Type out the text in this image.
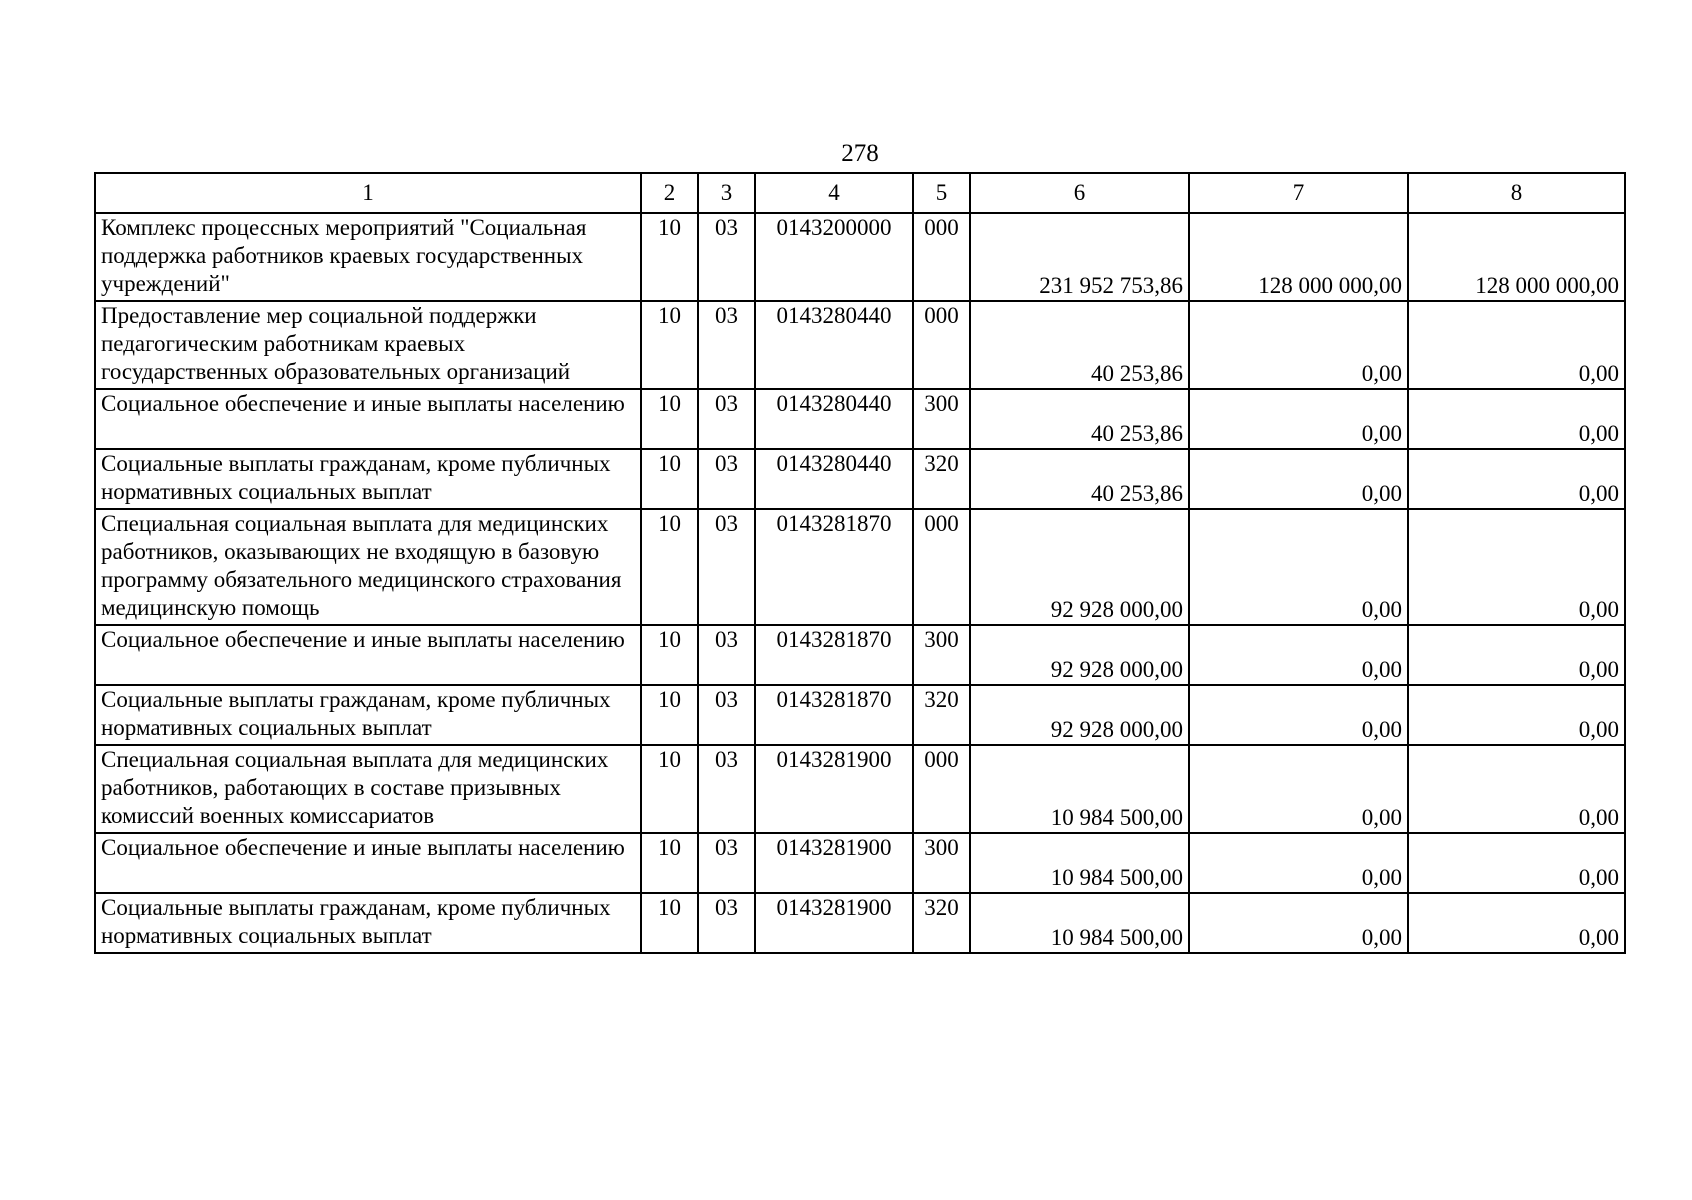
278
1	2	3	4	5	6	7	8
Комплекс процессных мероприятий "Социальная поддержка работников краевых государственных учреждений"	10	03	0143200000	000	231 952 753,86	128 000 000,00	128 000 000,00
Предоставление мер социальной поддержки педагогическим работникам краевых государственных образовательных организаций	10	03	0143280440	000	40 253,86	0,00	0,00
Социальное обеспечение и иные выплаты населению	10	03	0143280440	300	40 253,86	0,00	0,00
Социальные выплаты гражданам, кроме публичных нормативных социальных выплат	10	03	0143280440	320	40 253,86	0,00	0,00
Специальная социальная выплата для медицинских работников, оказывающих не входящую в базовую программу обязательного медицинского страхования медицинскую помощь	10	03	0143281870	000	92 928 000,00	0,00	0,00
Социальное обеспечение и иные выплаты населению	10	03	0143281870	300	92 928 000,00	0,00	0,00
Социальные выплаты гражданам, кроме публичных нормативных социальных выплат	10	03	0143281870	320	92 928 000,00	0,00	0,00
Специальная социальная выплата для медицинских работников, работающих в составе призывных комиссий военных комиссариатов	10	03	0143281900	000	10 984 500,00	0,00	0,00
Социальное обеспечение и иные выплаты населению	10	03	0143281900	300	10 984 500,00	0,00	0,00
Социальные выплаты гражданам, кроме публичных нормативных социальных выплат	10	03	0143281900	320	10 984 500,00	0,00	0,00
